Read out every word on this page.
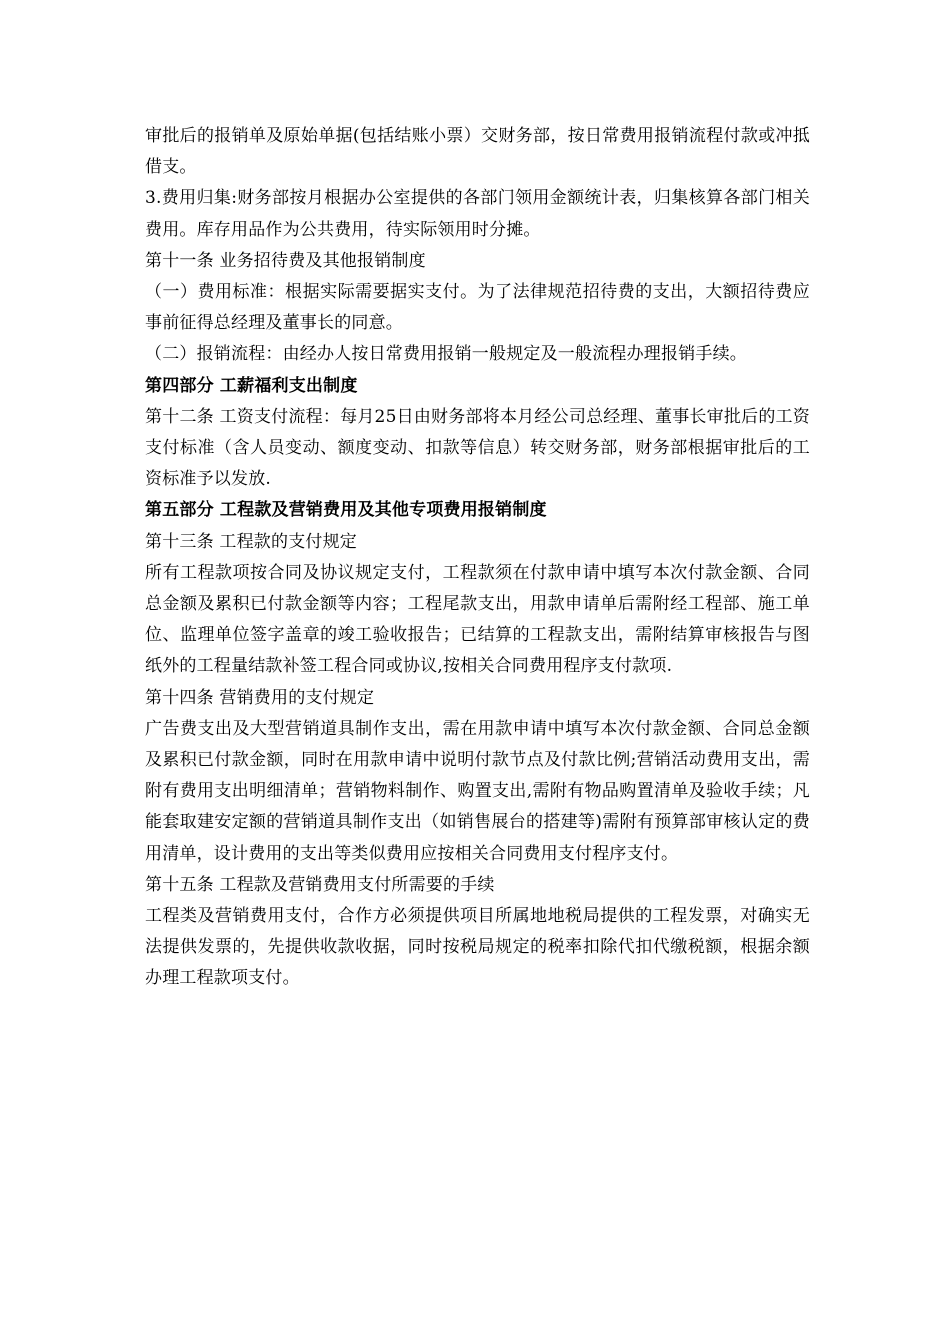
审批后的报销单及原始单据(包括结账小票）交财务部，按日常费用报销流程付款或冲抵借支。

3.费用归集:财务部按月根据办公室提供的各部门领用金额统计表，归集核算各部门相关费用。库存用品作为公共费用，待实际领用时分摊。

第十一条 业务招待费及其他报销制度

（一）费用标准：根据实际需要据实支付。为了法律规范招待费的支出，大额招待费应事前征得总经理及董事长的同意。

（二）报销流程：由经办人按日常费用报销一般规定及一般流程办理报销手续。

第四部分 工薪福利支出制度

第十二条 工资支付流程：每月25日由财务部将本月经公司总经理、董事长审批后的工资支付标准（含人员变动、额度变动、扣款等信息）转交财务部，财务部根据审批后的工资标准予以发放.

第五部分 工程款及营销费用及其他专项费用报销制度

第十三条 工程款的支付规定

所有工程款项按合同及协议规定支付，工程款须在付款申请中填写本次付款金额、合同总金额及累积已付款金额等内容；工程尾款支出，用款申请单后需附经工程部、施工单位、监理单位签字盖章的竣工验收报告；已结算的工程款支出，需附结算审核报告与图纸外的工程量结款补签工程合同或协议,按相关合同费用程序支付款项.

第十四条 营销费用的支付规定

广告费支出及大型营销道具制作支出，需在用款申请中填写本次付款金额、合同总金额及累积已付款金额，同时在用款申请中说明付款节点及付款比例;营销活动费用支出，需附有费用支出明细清单；营销物料制作、购置支出,需附有物品购置清单及验收手续；凡能套取建安定额的营销道具制作支出（如销售展台的搭建等)需附有预算部审核认定的费用清单，设计费用的支出等类似费用应按相关合同费用支付程序支付。

第十五条 工程款及营销费用支付所需要的手续

工程类及营销费用支付，合作方必须提供项目所属地地税局提供的工程发票，对确实无法提供发票的，先提供收款收据，同时按税局规定的税率扣除代扣代缴税额，根据余额办理工程款项支付。
